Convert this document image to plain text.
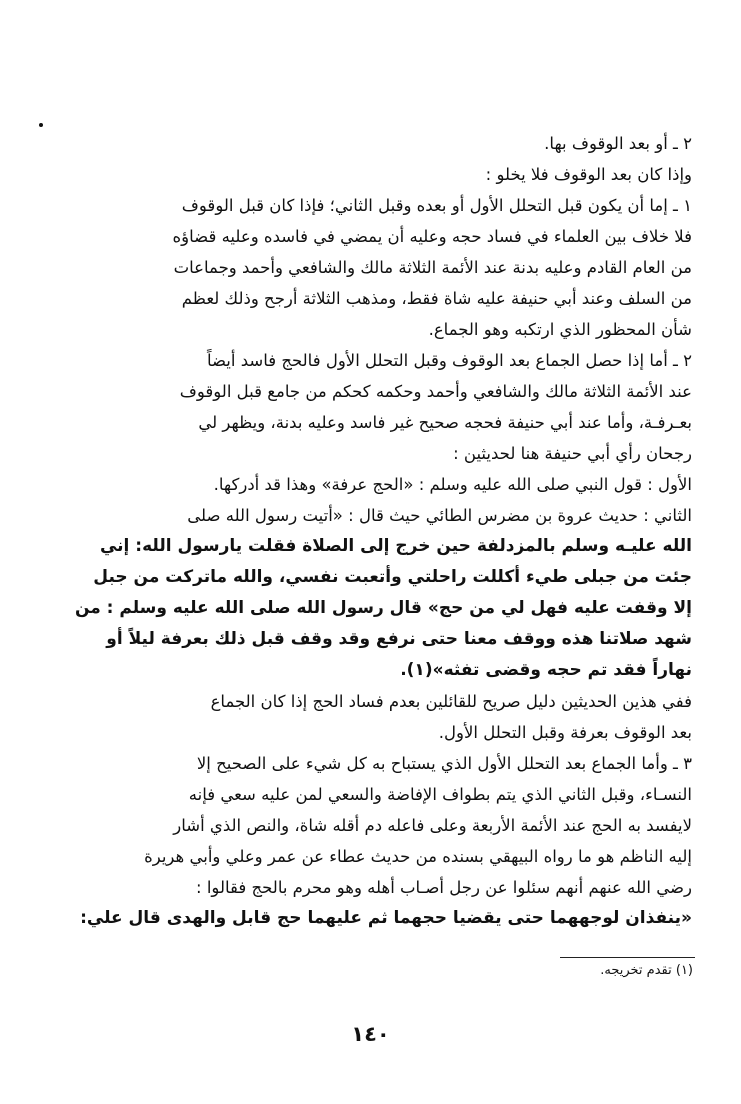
٢ ـ أو بعد الوقوف بها.
وإذا كان بعد الوقوف فلا يخلو :
١ ـ إما أن يكون قبل التحلل الأول أو بعده وقبل الثاني؛ فإذا كان قبل الوقوف
فلا خلاف بين العلماء في فساد حجه وعليه أن يمضي في فاسده وعليه قضاؤه
من العام القادم وعليه بدنة عند الأئمة الثلاثة مالك والشافعي وأحمد وجماعات
من السلف وعند أبي حنيفة عليه شاة فقط، ومذهب الثلاثة أرجح وذلك لعظم
شأن المحظور الذي ارتكبه وهو الجماع.
٢ ـ أما إذا حصل الجماع بعد الوقوف وقبل التحلل الأول فالحج فاسد أيضاً
عند الأئمة الثلاثة مالك والشافعي وأحمد وحكمه كحكم من جامع قبل الوقوف
بعـرفـة، وأما عند أبي حنيفة فحجه صحيح غير فاسد وعليه بدنة، ويظهر لي
رجحان رأي أبي حنيفة هنا لحديثين :
الأول : قول النبي صلى الله عليه وسلم : «الحج عرفة» وهذا قد أدركها.
الثاني : حديث عروة بن مضرس الطائي حيث قال : «أتيت رسول الله صلى
الله عليـه وسلم بالمزدلفة حين خرج إلى الصلاة فقلت يارسول الله: إني
جئت من جبلى طيء أكللت راحلتي وأتعبت نفسي، والله ماتركت من جبل
إلا وقفت عليه فهل لي من حج» قال رسول الله صلى الله عليه وسلم : من
شهد صلاتنا هذه ووقف معنا حتى نرفع وقد وقف قبل ذلك بعرفة ليلاً أو
نهاراً فقد تم حجه وقضى تفثه»(١).
ففي هذين الحديثين دليل صريح للقائلين بعدم فساد الحج إذا كان الجماع
بعد الوقوف بعرفة وقبل التحلل الأول.
٣ ـ وأما الجماع بعد التحلل الأول الذي يستباح به كل شيء على الصحيح إلا
النسـاء، وقبل الثاني الذي يتم بطواف الإفاضة والسعي لمن عليه سعي فإنه
لايفسد به الحج عند الأئمة الأربعة وعلى فاعله دم أقله شاة، والنص الذي أشار
إليه الناظم هو ما رواه البيهقي بسنده من حديث عطاء عن عمر وعلي وأبي هريرة
رضي الله عنهم أنهم سئلوا عن رجل أصـاب أهله وهو محرم بالحج فقالوا :
«ينفذان لوجههما حتى يقضيا حجهما ثم عليهما حج قابل والهدى قال علي:
(١) تقدم تخريجه.
١٤٠
